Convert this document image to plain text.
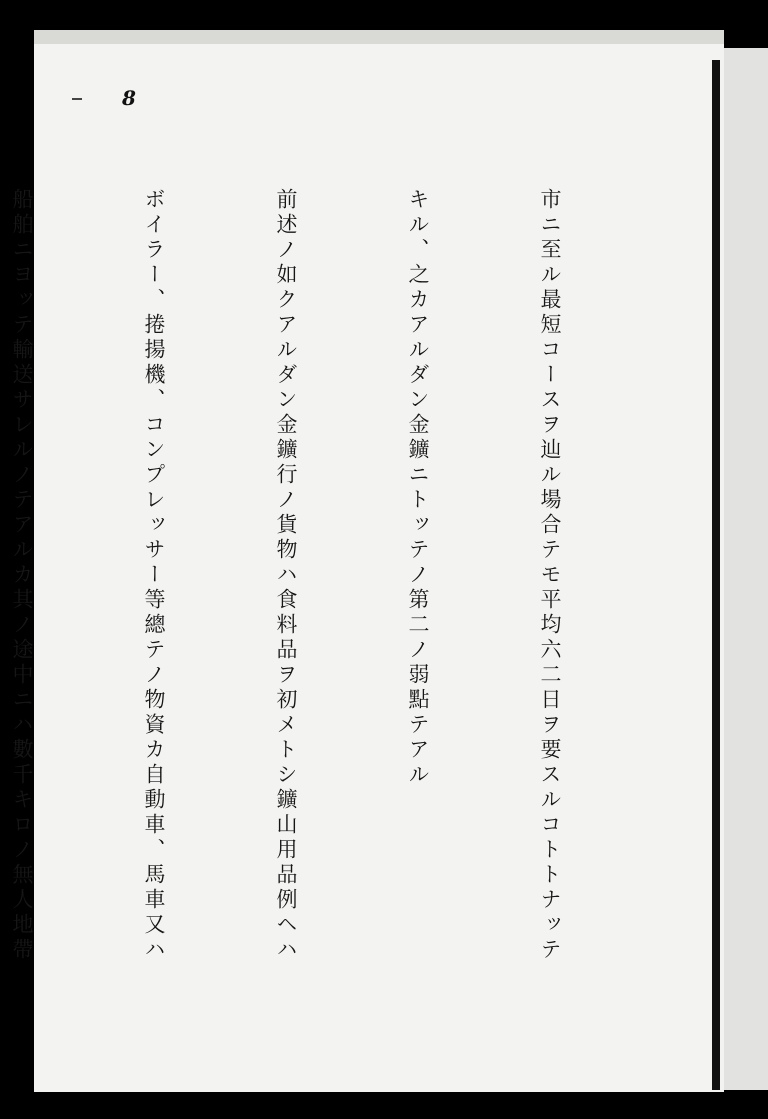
8

市ニ至ル最短コースヲ辿ル場合テモ平均六二日ヲ要スルコトトナッテ

キル、之カアルダン金鑛ニトッテノ第二ノ弱點テアル

前述ノ如クアルダン金鑛行ノ貨物ハ食料品ヲ初メトシ鑛山用品例ヘハ

ボイラー、捲揚機、コンプレッサー等總テノ物資カ自動車、馬車又ハ

船舶ニヨッテ輸送サレルノテアルカ其ノ途中ニハ數千キロノ無人地帶
